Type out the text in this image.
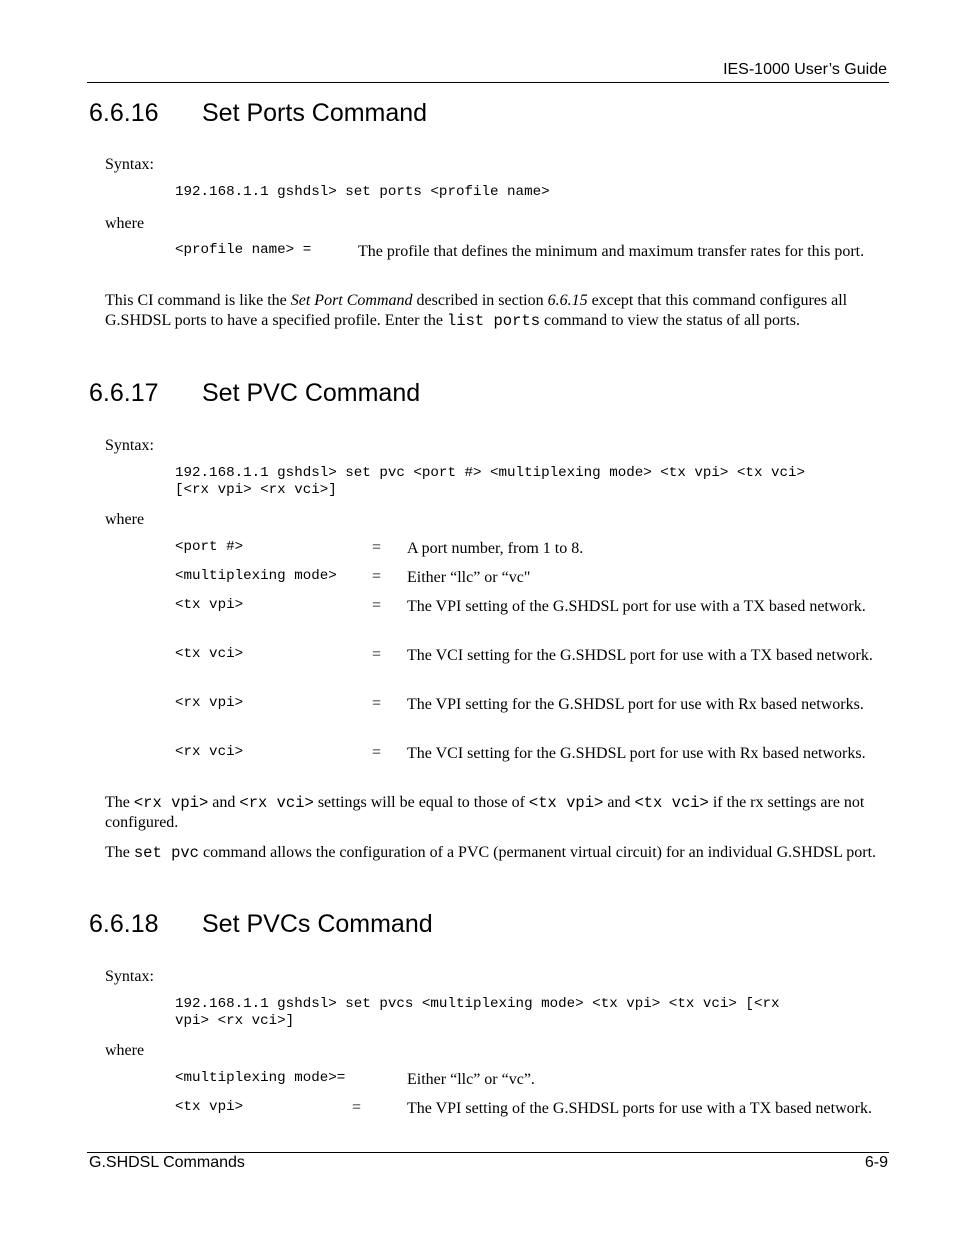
IES-1000 User’s Guide
6.6.16 Set Ports Command
Syntax:
192.168.1.1 gshdsl> set ports <profile name>
where
<profile name> =	The profile that defines the minimum and maximum transfer rates for this port.
This CI command is like the Set Port Command described in section 6.6.15 except that this command configures all G.SHDSL ports to have a specified profile. Enter the list ports command to view the status of all ports.
6.6.17 Set PVC Command
Syntax:
192.168.1.1 gshdsl> set pvc <port #> <multiplexing mode> <tx vpi> <tx vci>
[<rx vpi> <rx vci>]
where
<port #>	= A port number, from 1 to 8.
<multiplexing mode> = Either “llc” or “vc"
<tx vpi>	= The VPI setting of the G.SHDSL port for use with a TX based network.
<tx vci>	= The VCI setting for the G.SHDSL port for use with a TX based network.
<rx vpi>	= The VPI setting for the G.SHDSL port for use with Rx based networks.
<rx vci>	= The VCI setting for the G.SHDSL port for use with Rx based networks.
The <rx vpi> and <rx vci> settings will be equal to those of <tx vpi> and <tx vci> if the rx settings are not configured.
The set pvc command allows the configuration of a PVC (permanent virtual circuit) for an individual G.SHDSL port.
6.6.18 Set PVCs Command
Syntax:
192.168.1.1 gshdsl> set pvcs <multiplexing mode> <tx vpi> <tx vci> [<rx
vpi> <rx vci>]
where
<multiplexing mode>=	Either “llc” or “vc”.
<tx vpi>	=	The VPI setting of the G.SHDSL ports for use with a TX based network.
G.SHDSL Commands	6-9
